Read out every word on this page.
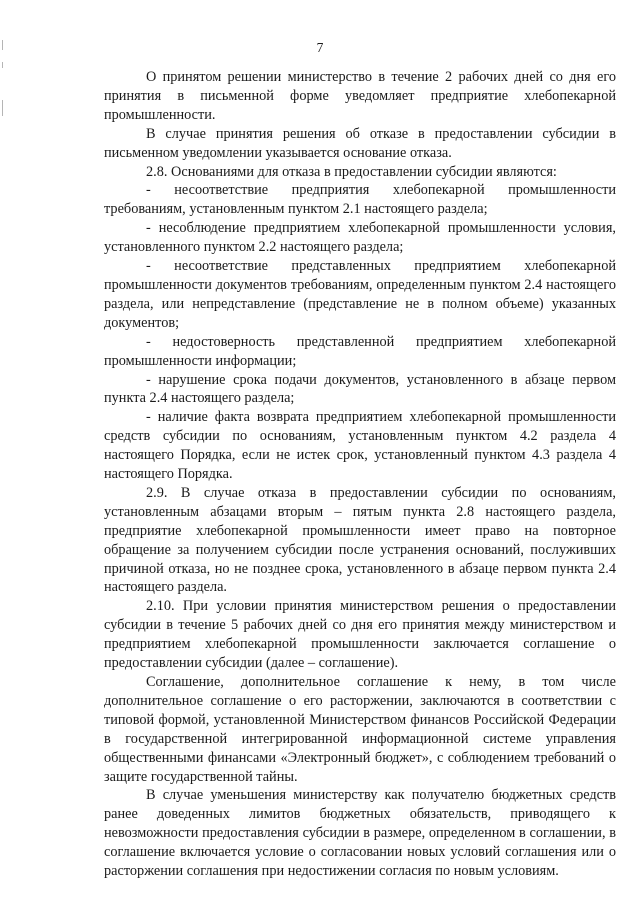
7

О принятом решении министерство в течение 2 рабочих дней со дня его принятия в письменной форме уведомляет предприятие хлебопекарной промышленности.

В случае принятия решения об отказе в предоставлении субсидии в письменном уведомлении указывается основание отказа.

2.8. Основаниями для отказа в предоставлении субсидии являются:

- несоответствие предприятия хлебопекарной промышленности требованиям, установленным пунктом 2.1 настоящего раздела;

- несоблюдение предприятием хлебопекарной промышленности условия, установленного пунктом 2.2 настоящего раздела;

- несоответствие представленных предприятием хлебопекарной промышленности документов требованиям, определенным пунктом 2.4 настоящего раздела, или непредставление (представление не в полном объеме) указанных документов;

- недостоверность представленной предприятием хлебопекарной промышленности информации;

- нарушение срока подачи документов, установленного в абзаце первом пункта 2.4 настоящего раздела;

- наличие факта возврата предприятием хлебопекарной промышленности средств субсидии по основаниям, установленным пунктом 4.2 раздела 4 настоящего Порядка, если не истек срок, установленный пунктом 4.3 раздела 4 настоящего Порядка.

2.9. В случае отказа в предоставлении субсидии по основаниям, установленным абзацами вторым – пятым пункта 2.8 настоящего раздела, предприятие хлебопекарной промышленности имеет право на повторное обращение за получением субсидии после устранения оснований, послуживших причиной отказа, но не позднее срока, установленного в абзаце первом пункта 2.4 настоящего раздела.

2.10. При условии принятия министерством решения о предоставлении субсидии в течение 5 рабочих дней со дня его принятия между министерством и предприятием хлебопекарной промышленности заключается соглашение о предоставлении субсидии (далее – соглашение).

Соглашение, дополнительное соглашение к нему, в том числе дополнительное соглашение о его расторжении, заключаются в соответствии с типовой формой, установленной Министерством финансов Российской Федерации в государственной интегрированной информационной системе управления общественными финансами «Электронный бюджет», с соблюдением требований о защите государственной тайны.

В случае уменьшения министерству как получателю бюджетных средств ранее доведенных лимитов бюджетных обязательств, приводящего к невозможности предоставления субсидии в размере, определенном в соглашении, в соглашение включается условие о согласовании новых условий соглашения или о расторжении соглашения при недостижении согласия по новым условиям.
